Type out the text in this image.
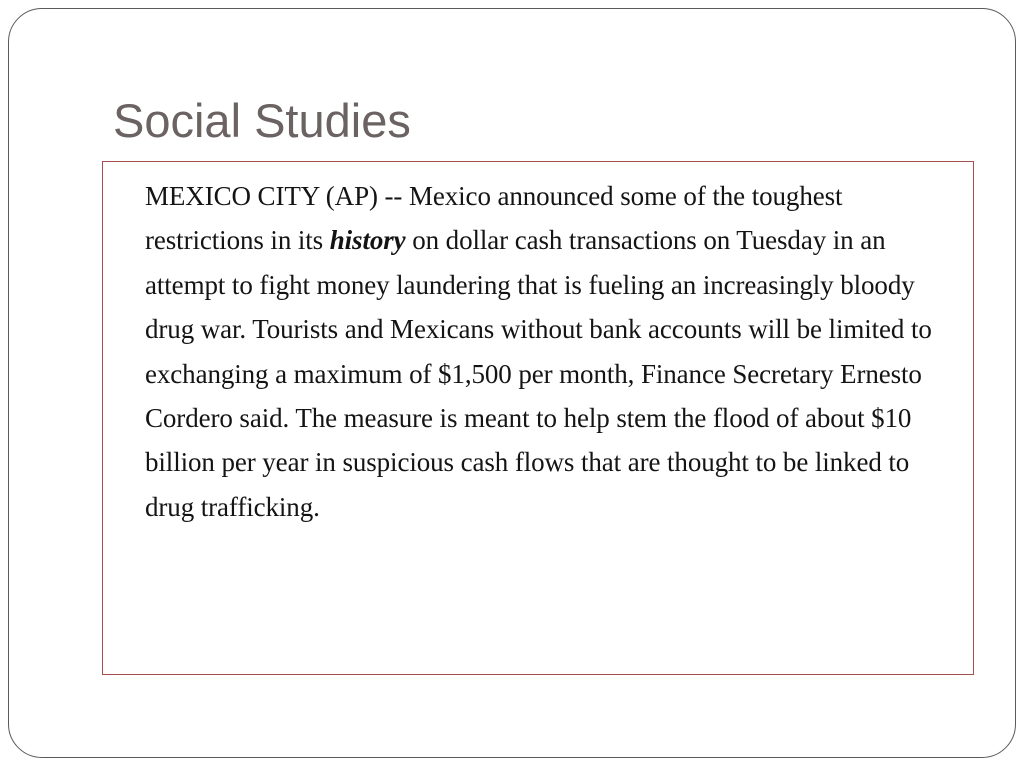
Social Studies

MEXICO CITY (AP) -- Mexico announced some of the toughest restrictions in its history on dollar cash transactions on Tuesday in an attempt to fight money laundering that is fueling an increasingly bloody drug war. Tourists and Mexicans without bank accounts will be limited to exchanging a maximum of $1,500 per month, Finance Secretary Ernesto Cordero said. The measure is meant to help stem the flood of about $10 billion per year in suspicious cash flows that are thought to be linked to drug trafficking.
